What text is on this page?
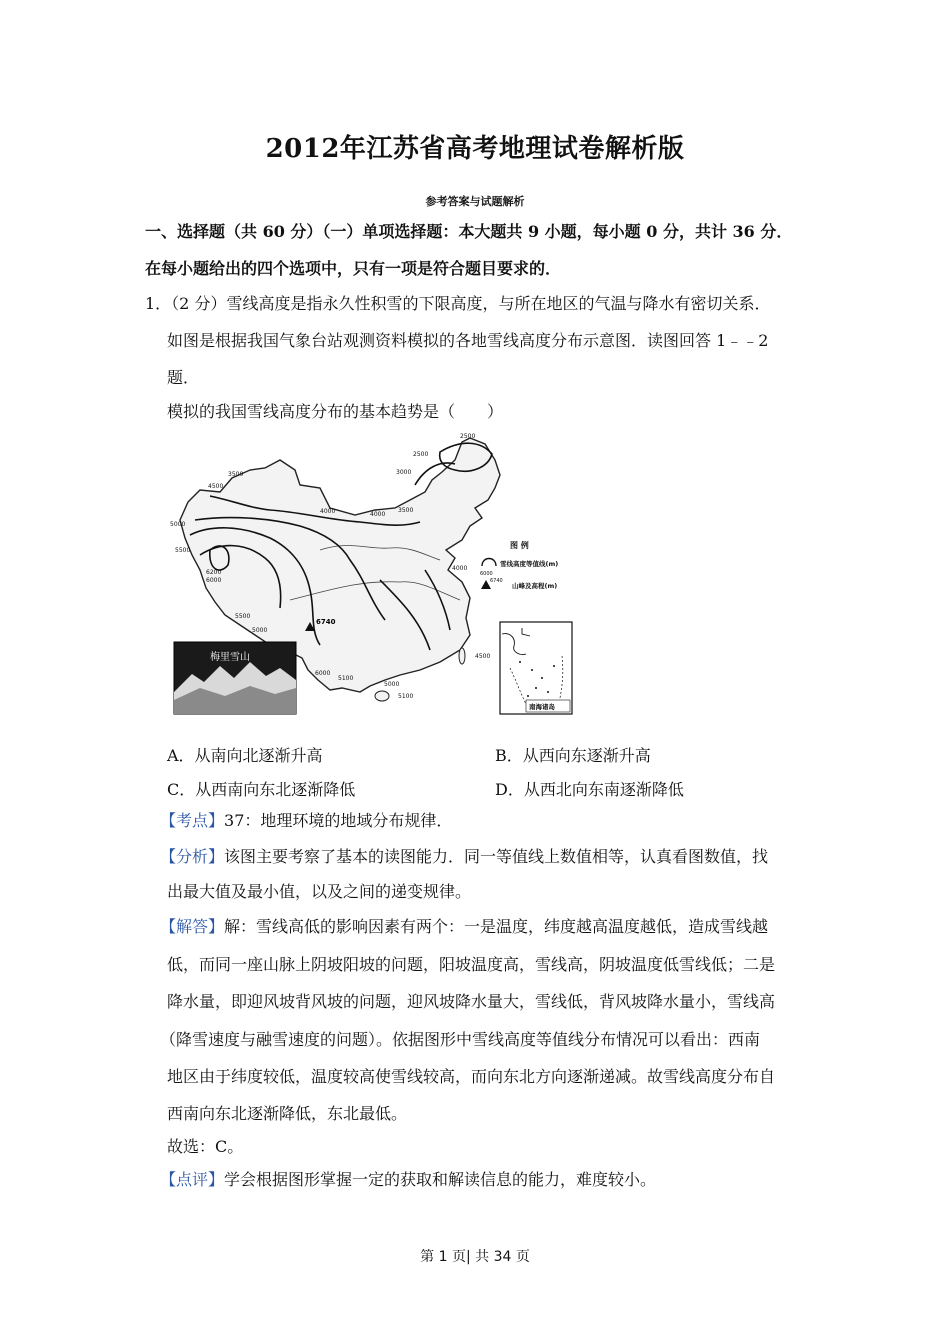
2012年江苏省高考地理试卷解析版
参考答案与试题解析
一、选择题（共 60 分）（一）单项选择题：本大题共 9 小题，每小题 0 分，共计 36 分．
在每小题给出的四个选项中，只有一项是符合题目要求的．
1．（2 分）雪线高度是指永久性积雪的下限高度，与所在地区的气温与降水有密切关系．
如图是根据我国气象台站观测资料模拟的各地雪线高度分布示意图．读图回答 1﹣﹣2
题．
模拟的我国雪线高度分布的基本趋势是（　　）
6740
2500
2500
3000
3500
4000
4500
4000
3500
5000
5500
6200
6000
5500
5000
4000
4500
5000
5100
6000
5100
图 例
6000
雪线高度等值线(m)
6740
山峰及高程(m)
梅里雪山
南海诸岛
A．从南向北逐渐升高	B．从西向东逐渐升高
C．从西南向东北逐渐降低	D．从西北向东南逐渐降低
【考点】37：地理环境的地域分布规律．
【分析】该图主要考察了基本的读图能力．同一等值线上数值相等，认真看图数值，找
出最大值及最小值，以及之间的递变规律。
【解答】解：雪线高低的影响因素有两个：一是温度，纬度越高温度越低，造成雪线越
低，而同一座山脉上阴坡阳坡的问题，阳坡温度高，雪线高，阴坡温度低雪线低；二是
降水量，即迎风坡背风坡的问题，迎风坡降水量大，雪线低，背风坡降水量小，雪线高
（降雪速度与融雪速度的问题）。依据图形中雪线高度等值线分布情况可以看出：西南
地区由于纬度较低，温度较高使雪线较高，而向东北方向逐渐递减。故雪线高度分布自
西南向东北逐渐降低，东北最低。
故选：C。
【点评】学会根据图形掌握一定的获取和解读信息的能力，难度较小。
第 1 页| 共 34 页
